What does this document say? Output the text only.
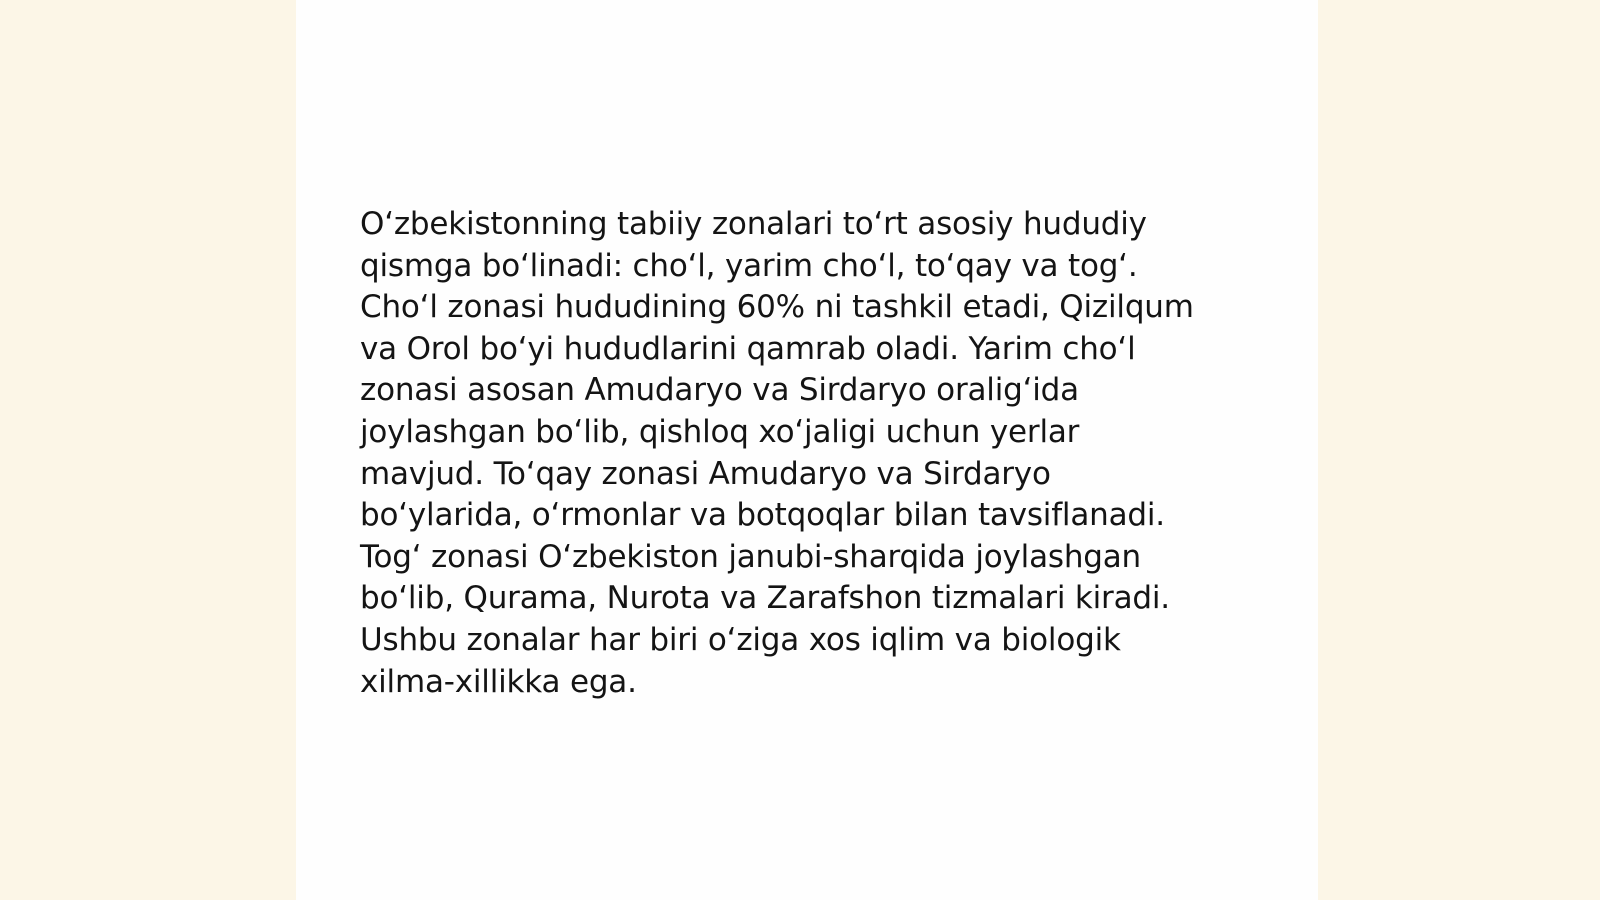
O‘zbekistonning tabiiy zonalari to‘rt asosiy hududiy
qismga bo‘linadi: cho‘l, yarim cho‘l, to‘qay va tog‘.
Cho‘l zonasi hududining 60% ni tashkil etadi, Qizilqum
va Orol bo‘yi hududlarini qamrab oladi. Yarim cho‘l
zonasi asosan Amudaryo va Sirdaryo oralig‘ida
joylashgan bo‘lib, qishloq xo‘jaligi uchun yerlar
mavjud. To‘qay zonasi Amudaryo va Sirdaryo
bo‘ylarida, o‘rmonlar va botqoqlar bilan tavsiflanadi.
Tog‘ zonasi O‘zbekiston janubi-sharqida joylashgan
bo‘lib, Qurama, Nurota va Zarafshon tizmalari kiradi.
Ushbu zonalar har biri o‘ziga xos iqlim va biologik
xilma-xillikka ega.
